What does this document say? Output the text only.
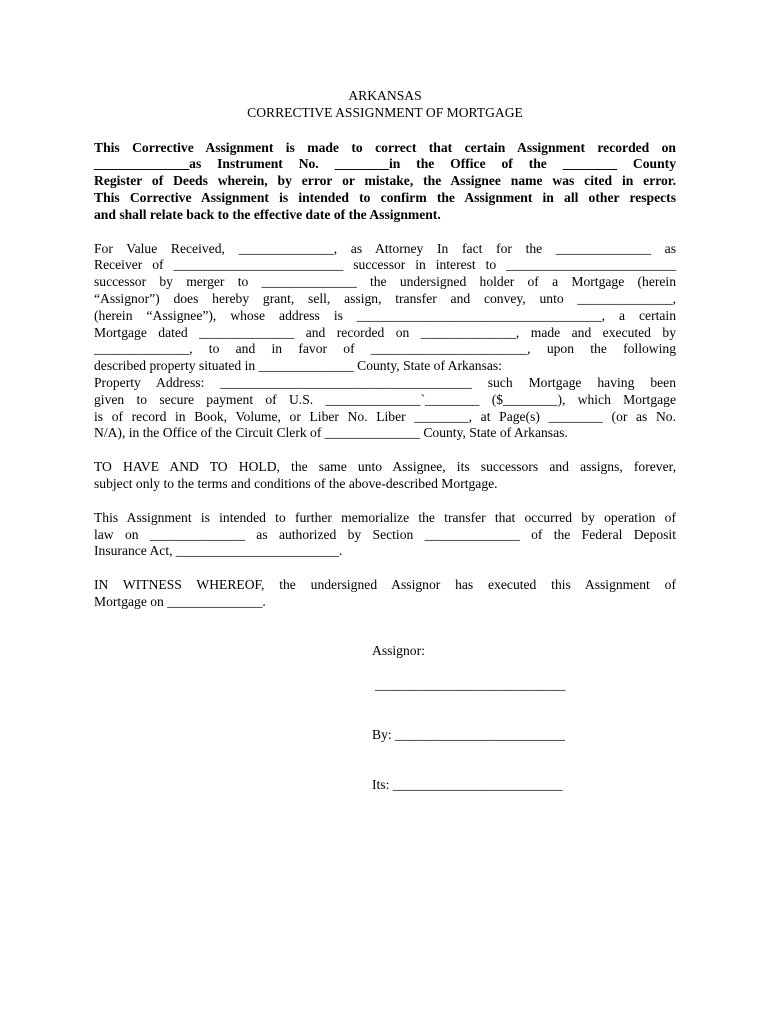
ARKANSAS

CORRECTIVE ASSIGNMENT OF MORTGAGE

This Corrective Assignment is made to correct that certain Assignment recorded on
______________as Instrument No. ________in the Office of the ________ County
Register of Deeds wherein, by error or mistake, the Assignee name was cited in error.
This Corrective Assignment is intended to confirm the Assignment in all other respects
and shall relate back to the effective date of the Assignment.
For Value Received, ______________, as Attorney In fact for the ______________ as
Receiver of _________________________ successor in interest to _________________________
successor by merger to ______________ the undersigned holder of a Mortgage (herein
“Assignor”) does hereby grant, sell, assign, transfer and convey, unto ______________,
(herein “Assignee”), whose address is ____________________________________, a certain
Mortgage dated ______________ and recorded on ______________, made and executed by
______________, to and in favor of _______________________, upon the following
described property situated in ______________ County, State of Arkansas:
Property Address: _____________________________________ such Mortgage having been
given to secure payment of U.S. ______________`________ ($________), which Mortgage
is of record in Book, Volume, or Liber No. Liber ________, at Page(s) ________ (or as No.
N/A), in the Office of the Circuit Clerk of ______________ County, State of Arkansas.
TO HAVE AND TO HOLD, the same unto Assignee, its successors and assigns, forever,
subject only to the terms and conditions of the above-described Mortgage.
This Assignment is intended to further memorialize the transfer that occurred by operation of
law on ______________ as authorized by Section ______________ of the Federal Deposit
Insurance Act, ________________________.
IN WITNESS WHEREOF, the undersigned Assignor has executed this Assignment of
Mortgage on ______________.
Assignor:
____________________________
By: _________________________
Its: _________________________
